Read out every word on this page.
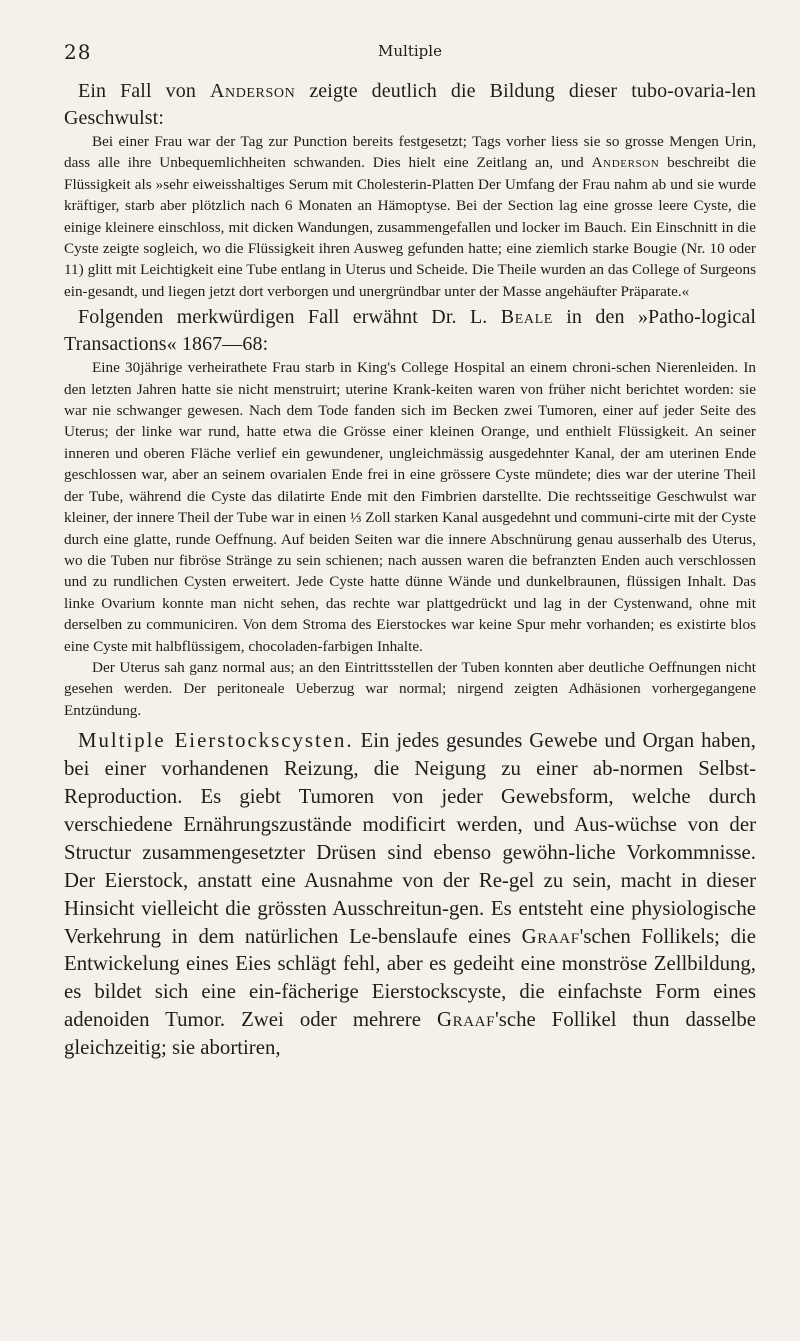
28	Multiple

Ein Fall von Anderson zeigte deutlich die Bildung dieser tubo-ovaria-len Geschwulst:

Bei einer Frau war der Tag zur Punction bereits festgesetzt; Tags vorher liess sie so grosse Mengen Urin, dass alle ihre Unbequemlichheiten schwanden. Dies hielt eine Zeitlang an, und Anderson beschreibt die Flüssigkeit als »sehr eiweisshaltiges Serum mit Cholesterin-Platten Der Umfang der Frau nahm ab und sie wurde kräftiger, starb aber plötzlich nach 6 Monaten an Hämoptyse. Bei der Section lag eine grosse leere Cyste, die einige kleinere einschloss, mit dicken Wandungen, zusammengefallen und locker im Bauch. Ein Einschnitt in die Cyste zeigte sogleich, wo die Flüssigkeit ihren Ausweg gefunden hatte; eine ziemlich starke Bougie (Nr. 10 oder 11) glitt mit Leichtigkeit eine Tube entlang in Uterus und Scheide. Die Theile wurden an das College of Surgeons ein-gesandt, und liegen jetzt dort verborgen und unergründbar unter der Masse angehäufter Präparate.«

Folgenden merkwürdigen Fall erwähnt Dr. L. Beale in den »Patho-logical Transactions« 1867—68:

Eine 30jährige verheirathete Frau starb in King's College Hospital an einem chroni-schen Nierenleiden. In den letzten Jahren hatte sie nicht menstruirt; uterine Krank-keiten waren von früher nicht berichtet worden: sie war nie schwanger gewesen. Nach dem Tode fanden sich im Becken zwei Tumoren, einer auf jeder Seite des Uterus; der linke war rund, hatte etwa die Grösse einer kleinen Orange, und enthielt Flüssigkeit. An seiner inneren und oberen Fläche verlief ein gewundener, ungleichmässig ausgedehnter Kanal, der am uterinen Ende geschlossen war, aber an seinem ovarialen Ende frei in eine grössere Cyste mündete; dies war der uterine Theil der Tube, während die Cyste das dilatirte Ende mit den Fimbrien darstellte. Die rechtsseitige Geschwulst war kleiner, der innere Theil der Tube war in einen ⅓ Zoll starken Kanal ausgedehnt und communi-cirte mit der Cyste durch eine glatte, runde Oeffnung. Auf beiden Seiten war die innere Abschnürung genau ausserhalb des Uterus, wo die Tuben nur fibröse Stränge zu sein schienen; nach aussen waren die befranzten Enden auch verschlossen und zu rundlichen Cysten erweitert. Jede Cyste hatte dünne Wände und dunkelbraunen, flüssigen Inhalt. Das linke Ovarium konnte man nicht sehen, das rechte war plattgedrückt und lag in der Cystenwand, ohne mit derselben zu communiciren. Von dem Stroma des Eierstockes war keine Spur mehr vorhanden; es existirte blos eine Cyste mit halbflüssigem, chocoladen-farbigen Inhalte.

Der Uterus sah ganz normal aus; an den Eintrittsstellen der Tuben konnten aber deutliche Oeffnungen nicht gesehen werden. Der peritoneale Ueberzug war normal; nirgend zeigten Adhäsionen vorhergegangene Entzündung.

Multiple Eierstockscysten. Ein jedes gesundes Gewebe und Organ haben, bei einer vorhandenen Reizung, die Neigung zu einer ab-normen Selbst-Reproduction. Es giebt Tumoren von jeder Gewebsform, welche durch verschiedene Ernährungszustände modificirt werden, und Aus-wüchse von der Structur zusammengesetzter Drüsen sind ebenso gewöhn-liche Vorkommnisse. Der Eierstock, anstatt eine Ausnahme von der Re-gel zu sein, macht in dieser Hinsicht vielleicht die grössten Ausschreitun-gen. Es entsteht eine physiologische Verkehrung in dem natürlichen Le-benslaufe eines Graaf'schen Follikels; die Entwickelung eines Eies schlägt fehl, aber es gedeiht eine monströse Zellbildung, es bildet sich eine ein-fächerige Eierstockscyste, die einfachste Form eines adenoiden Tumor. Zwei oder mehrere Graaf'sche Follikel thun dasselbe gleichzeitig; sie abortiren,
